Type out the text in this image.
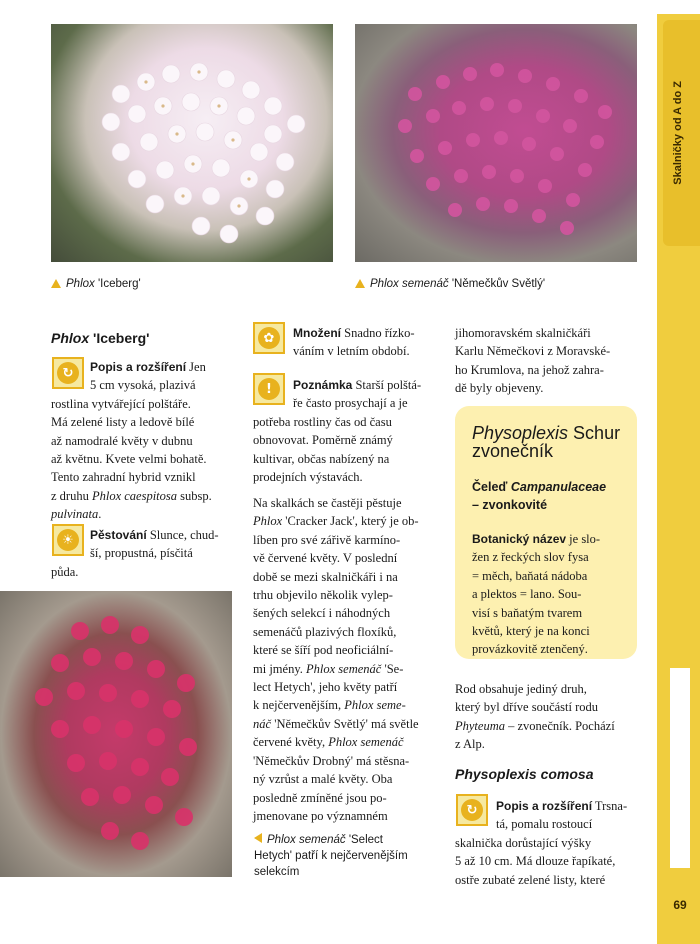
Skalničky od A do Z
69
Phlox 'Iceberg'	Phlox semenáč 'Němečkův Světlý'
Phlox semenáč 'Select
Hetych' patří k nejčervenějším
selekcím
Phlox 'Iceberg'
↻	Popis a rozšíření Jen
5 cm vysoká, plazivá
rostlina vytvářející polštáře.
Má zelené listy a ledově bílé
až namodralé květy v dubnu
až květnu. Kvete velmi bohatě.
Tento zahradní hybrid vznikl
z druhu Phlox caespitosa subsp.
pulvinata.
☀	Pěstování Slunce, chud-
ší, propustná, písčitá
půda.
✿	Množení Snadno řízko-
váním v letním období.
!	Poznámka Starší polštá-
ře často prosychají a je
potřeba rostliny čas od času
obnovovat. Poměrně známý
kultivar, občas nabízený na
prodejních výstavách.
Na skalkách se častěji pěstuje
Phlox 'Cracker Jack', který je ob-
líben pro své zářivě karmíno-
vě červené květy. V poslední
době se mezi skalničkáři i na
trhu objevilo několik vylep-
šených selekcí i náhodných
semenáčů plazivých floxíků,
které se šíří pod neoficiální-
mi jmény. Phlox semenáč 'Se-
lect Hetych', jeho květy patří
k nejčervenějším, Phlox seme-
náč 'Němečkův Světlý' má světle
červené květy, Phlox semenáč
'Němečkův Drobný' má stěsna-
ný vzrůst a malé květy. Oba
posledně zmíněné jsou po-
jmenovane po významném
jihomoravském skalničkáři
Karlu Němečkovi z Moravské-
ho Krumlova, na jehož zahra-
dě byly objeveny.
Physoplexis Schur
zvonečník
Čeleď Campanulaceae
– zvonkovité
Botanický název je slo-
žen z řeckých slov fysa
= měch, baňatá nádoba
a plektos = lano. Sou-
visí s baňatým tvarem
květů, který je na konci
provázkovitě ztenčený.
Rod obsahuje jediný druh,
který byl dříve součástí rodu
Phyteuma – zvonečník. Pochází
z Alp.
Physoplexis comosa
↻	Popis a rozšíření Trsna-
tá, pomalu rostoucí
skalnička dorůstající výšky
5 až 10 cm. Má dlouze řapíkaté,
ostře zubaté zelené listy, které
